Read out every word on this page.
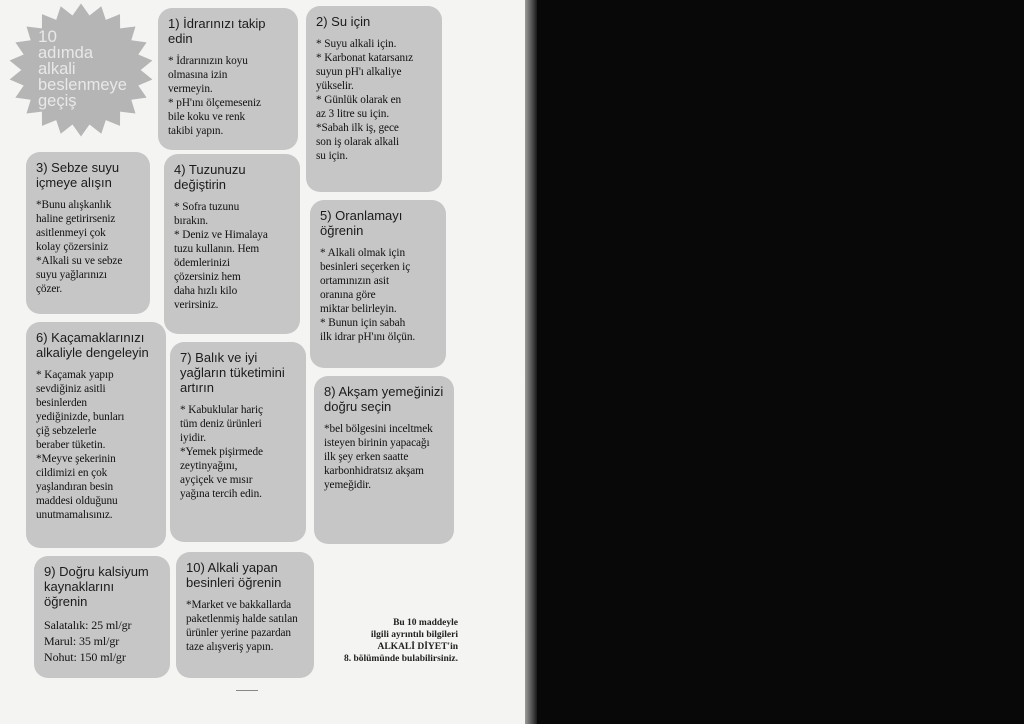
10
adımda
alkali
beslenmeye
geçiş
1) İdrarınızı takip
edin

* İdrarınızın koyu
olmasına izin
vermeyin.
* pH'ını ölçemeseniz
bile koku ve renk
takibi yapın.

2) Su için

* Suyu alkali için.
* Karbonat katarsanız
suyun pH'ı alkaliye
yükselir.
* Günlük olarak en
az 3 litre su için.
*Sabah ilk iş, gece
son iş olarak alkali
su için.

3) Sebze suyu
içmeye alışın

*Bunu alışkanlık
haline getirirseniz
asitlenmeyi çok
kolay çözersiniz
*Alkali su ve sebze
suyu yağlarınızı
çözer.

4) Tuzunuzu
değiştirin

* Sofra tuzunu
bırakın.
* Deniz ve Himalaya
tuzu kullanın. Hem
ödemlerinizi
çözersiniz hem
daha hızlı kilo
verirsiniz.

5) Oranlamayı
öğrenin

* Alkali olmak için
besinleri seçerken iç
ortamınızın asit
oranına göre
miktar belirleyin.
* Bunun için sabah
ilk idrar pH'ını ölçün.

6) Kaçamaklarınızı
alkaliyle dengeleyin

* Kaçamak yapıp
sevdiğiniz asitli
besinlerden
yediğinizde, bunları
çiğ sebzelerle
beraber tüketin.
*Meyve şekerinin
cildimizi en çok
yaşlandıran besin
maddesi olduğunu
unutmamalısınız.

7) Balık ve iyi
yağların tüketimini
artırın

* Kabuklular hariç
tüm deniz ürünleri
iyidir.
*Yemek pişirmede
zeytinyağını,
ayçiçek ve mısır
yağına tercih edin.

8) Akşam yemeğinizi
doğru seçin

*bel bölgesini inceltmek
isteyen birinin yapacağı
ilk şey erken saatte
karbonhidratsız akşam
yemeğidir.

9) Doğru kalsiyum
kaynaklarını öğrenin

Salatalık: 25 ml/gr
Marul: 35 ml/gr
Nohut: 150 ml/gr

10) Alkali yapan
besinleri öğrenin

*Market ve bakkallarda
paketlenmiş halde satılan
ürünler yerine pazardan
taze alışveriş yapın.

Bu 10 maddeyle
ilgili ayrıntılı bilgileri
ALKALİ DİYET'in
8. bölümünde bulabilirsiniz.
